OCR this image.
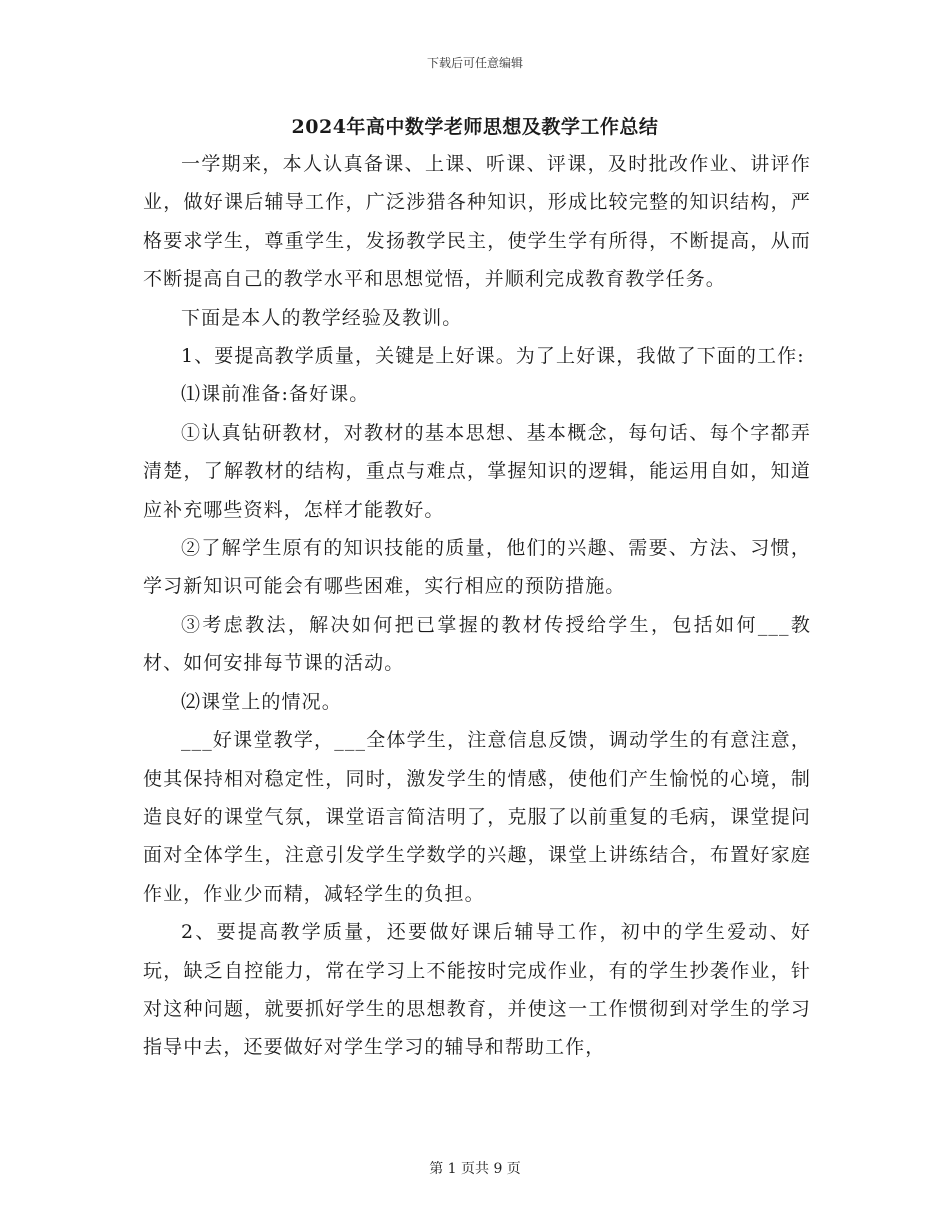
下载后可任意编辑
2024年高中数学老师思想及教学工作总结

一学期来，本人认真备课、上课、听课、评课，及时批改作业、讲评作业，做好课后辅导工作，广泛涉猎各种知识，形成比较完整的知识结构，严格要求学生，尊重学生，发扬教学民主，使学生学有所得，不断提高，从而不断提高自己的教学水平和思想觉悟，并顺利完成教育教学任务。

下面是本人的教学经验及教训。

1、要提高教学质量，关键是上好课。为了上好课，我做了下面的工作:

⑴课前准备:备好课。

①认真钻研教材，对教材的基本思想、基本概念，每句话、每个字都弄清楚，了解教材的结构，重点与难点，掌握知识的逻辑，能运用自如，知道应补充哪些资料，怎样才能教好。

②了解学生原有的知识技能的质量，他们的兴趣、需要、方法、习惯，学习新知识可能会有哪些困难，实行相应的预防措施。

③考虑教法，解决如何把已掌握的教材传授给学生，包括如何___教材、如何安排每节课的活动。

⑵课堂上的情况。

___好课堂教学，___全体学生，注意信息反馈，调动学生的有意注意，使其保持相对稳定性，同时，激发学生的情感，使他们产生愉悦的心境，制造良好的课堂气氛，课堂语言简洁明了，克服了以前重复的毛病，课堂提问面对全体学生，注意引发学生学数学的兴趣，课堂上讲练结合，布置好家庭作业，作业少而精，减轻学生的负担。

2、要提高教学质量，还要做好课后辅导工作，初中的学生爱动、好玩，缺乏自控能力，常在学习上不能按时完成作业，有的学生抄袭作业，针对这种问题，就要抓好学生的思想教育，并使这一工作惯彻到对学生的学习指导中去，还要做好对学生学习的辅导和帮助工作，

第 1 页共 9 页
